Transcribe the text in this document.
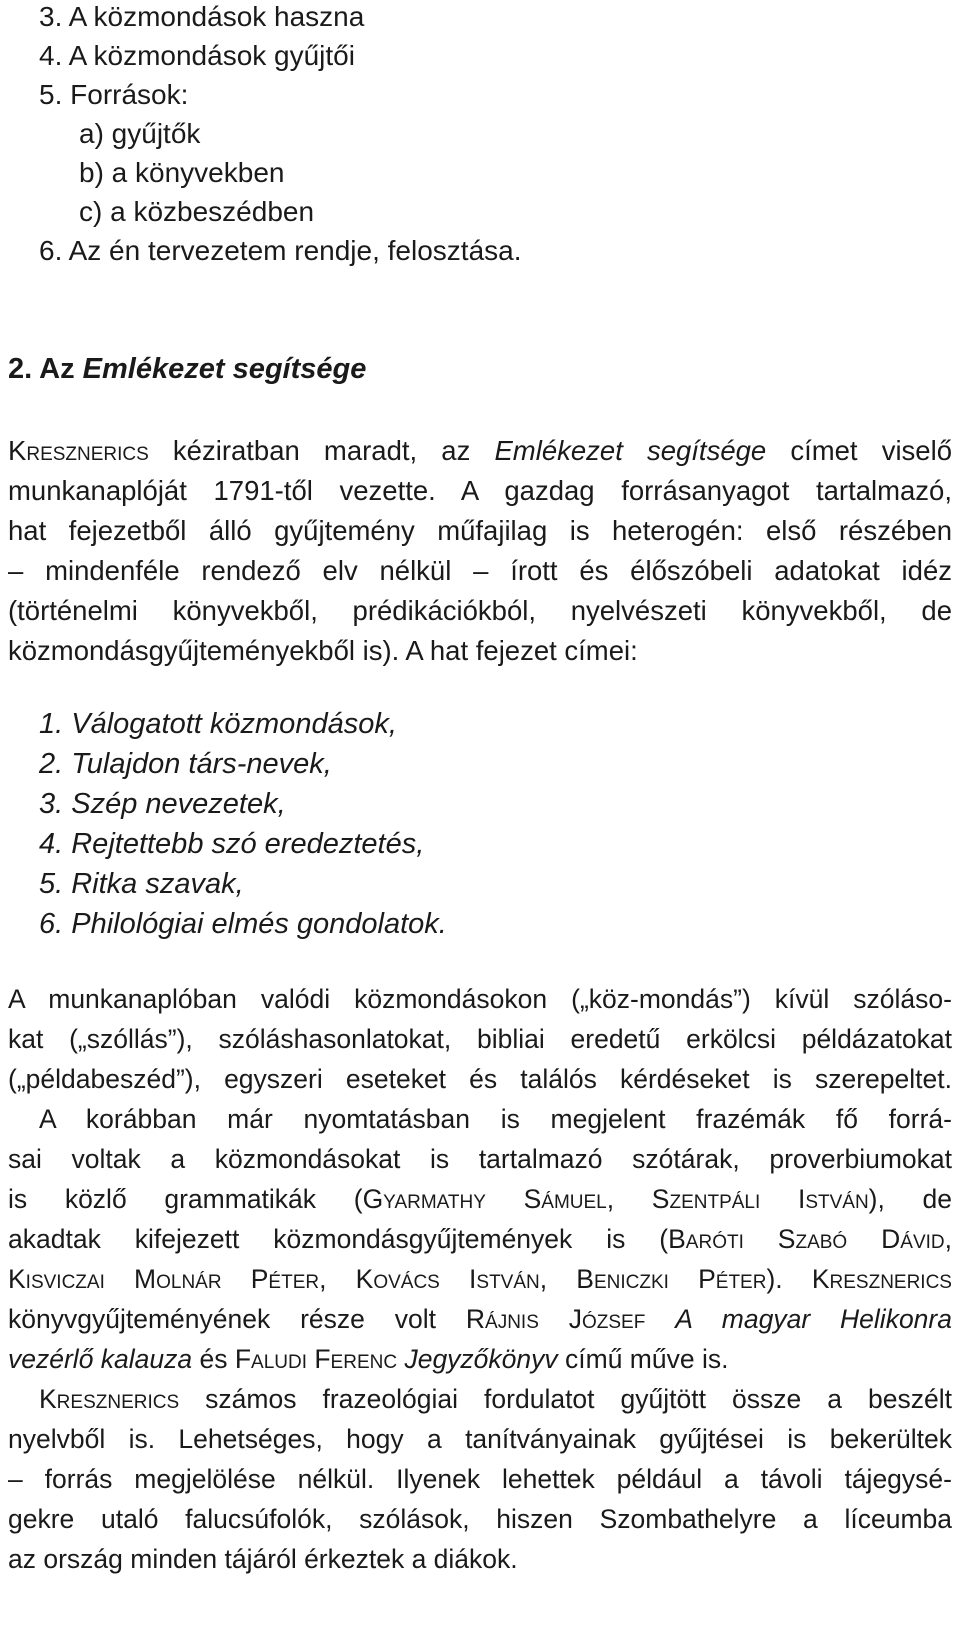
3. A közmondások haszna

4. A közmondások gyűjtői

5. Források:

a) gyűjtők

b) a könyvekben

c) a közbeszédben

6. Az én tervezetem rendje, felosztása.

2. Az Emlékezet segítsége

Kresznerics kéziratban maradt, az Emlékezet segítsége címet viselő

munkanaplóját 1791-től vezette. A gazdag forrásanyagot tartalmazó,

hat fejezetből álló gyűjtemény műfajilag is heterogén: első részében

– mindenféle rendező elv nélkül – írott és élőszóbeli adatokat idéz

(történelmi könyvekből, prédikációkból, nyelvészeti könyvekből, de

közmondásgyűjteményekből is). A hat fejezet címei:

1. Válogatott közmondások,

2. Tulajdon társ-nevek,

3. Szép nevezetek,

4. Rejtettebb szó eredeztetés,

5. Ritka szavak,

6. Philológiai elmés gondolatok.

A munkanaplóban valódi közmondásokon („köz-mondás”) kívül szóláso-

kat („szóllás”), szóláshasonlatokat, bibliai eredetű erkölcsi példázatokat

(„példabeszéd”), egyszeri eseteket és találós kérdéseket is szerepeltet.

A korábban már nyomtatásban is megjelent frazémák fő forrá-

sai voltak a közmondásokat is tartalmazó szótárak, proverbiumokat

is közlő grammatikák (Gyarmathy Sámuel, Szentpáli István), de

akadtak kifejezett közmondásgyűjtemények is (Baróti Szabó Dávid,

Kisviczai Molnár Péter, Kovács István, Beniczki Péter). Kresznerics

könyvgyűjteményének része volt Rájnis József A magyar Helikonra

vezérlő kalauza és Faludi Ferenc Jegyzőkönyv című műve is.

Kresznerics számos frazeológiai fordulatot gyűjtött össze a beszélt

nyelvből is. Lehetséges, hogy a tanítványainak gyűjtései is bekerültek

– forrás megjelölése nélkül. Ilyenek lehettek például a távoli tájegysé-

gekre utaló falucsúfolók, szólások, hiszen Szombathelyre a líceumba

az ország minden tájáról érkeztek a diákok.
